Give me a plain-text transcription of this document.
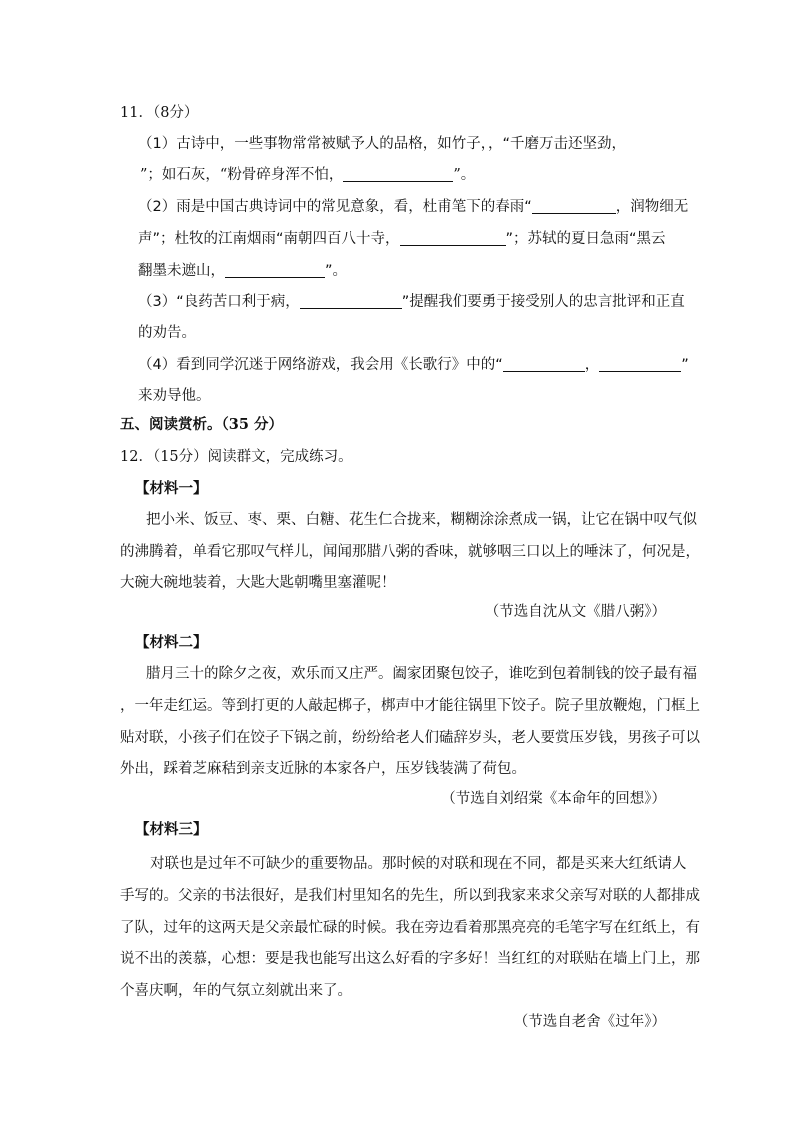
11．（8分）
（1）古诗中，一些事物常常被赋予人的品格，如竹子，，“千磨万击还坚劲，
”；如石灰，“粉骨碎身浑不怕，	”。
（2）雨是中国古典诗词中的常见意象，看，杜甫笔下的春雨“	，润物细无
声”；杜牧的江南烟雨“南朝四百八十寺，	”；苏轼的夏日急雨“黑云
翻墨未遮山，	”。
（3）“良药苦口利于病，	”提醒我们要勇于接受别人的忠言批评和正直
的劝告。
（4）看到同学沉迷于网络游戏，我会用《长歌行》中的“	，	”
来劝导他。
五、阅读赏析。（35 分）
12．（15分）阅读群文，完成练习。
【材料一】
把小米、饭豆、枣、栗、白糖、花生仁合拢来，糊糊涂涂煮成一锅，让它在锅中叹气似
的沸腾着，单看它那叹气样儿，闻闻那腊八粥的香味，就够咽三口以上的唾沫了，何况是，
大碗大碗地装着，大匙大匙朝嘴里塞灌呢！
（节选自沈从文《腊八粥》）
【材料二】
腊月三十的除夕之夜，欢乐而又庄严。阖家团聚包饺子，谁吃到包着制钱的饺子最有福
，一年走红运。等到打更的人敲起梆子，梆声中才能往锅里下饺子。院子里放鞭炮，门框上
贴对联，小孩子们在饺子下锅之前，纷纷给老人们磕辞岁头，老人要赏压岁钱，男孩子可以
外出，踩着芝麻秸到亲支近脉的本家各户，压岁钱装满了荷包。
（节选自刘绍棠《本命年的回想》）
【材料三】
对联也是过年不可缺少的重要物品。那时候的对联和现在不同，都是买来大红纸请人
手写的。父亲的书法很好，是我们村里知名的先生，所以到我家来求父亲写对联的人都排成
了队，过年的这两天是父亲最忙碌的时候。我在旁边看着那黑亮亮的毛笔字写在红纸上，有
说不出的羡慕，心想：要是我也能写出这么好看的字多好！当红红的对联贴在墙上门上，那
个喜庆啊，年的气氛立刻就出来了。
（节选自老舍《过年》）
